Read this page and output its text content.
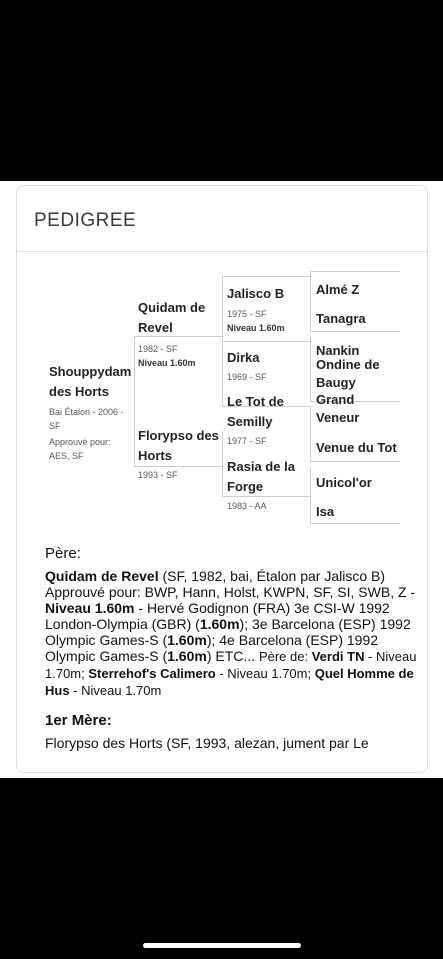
PEDIGREE
Shouppydam des Horts
Bai Étalon - 2006 - SF
Approuvé pour: AES, SF
Quidam de Revel
1982 - SF
Niveau 1.60m
Florypso des Horts
1993 - SF
Jalisco B
1975 - SF
Niveau 1.60m
Dirka
1969 - SF
Le Tot de Semilly
1977 - SF
Rasia de la Forge
1983 - AA
Almé Z
Tanagra
Nankin
Ondine de Baugy
Grand Veneur
Venue du Tot
Unicol'or
Isa
Père:
Quidam de Revel (SF, 1982, bai, Étalon par Jalisco B) Approuvé pour: BWP, Hann, Holst, KWPN, SF, SI, SWB, Z - Niveau 1.60m - Hervé Godignon (FRA) 3e CSI-W 1992 London-Olympia (GBR) (1.60m); 3e Barcelona (ESP) 1992 Olympic Games-S (1.60m); 4e Barcelona (ESP) 1992 Olympic Games-S (1.60m) ETC... Père de: Verdi TN - Niveau 1.70m; Sterrehof's Calimero - Niveau 1.70m; Quel Homme de Hus - Niveau 1.70m
1er Mère:
Florypso des Horts (SF, 1993, alezan, jument par Le
